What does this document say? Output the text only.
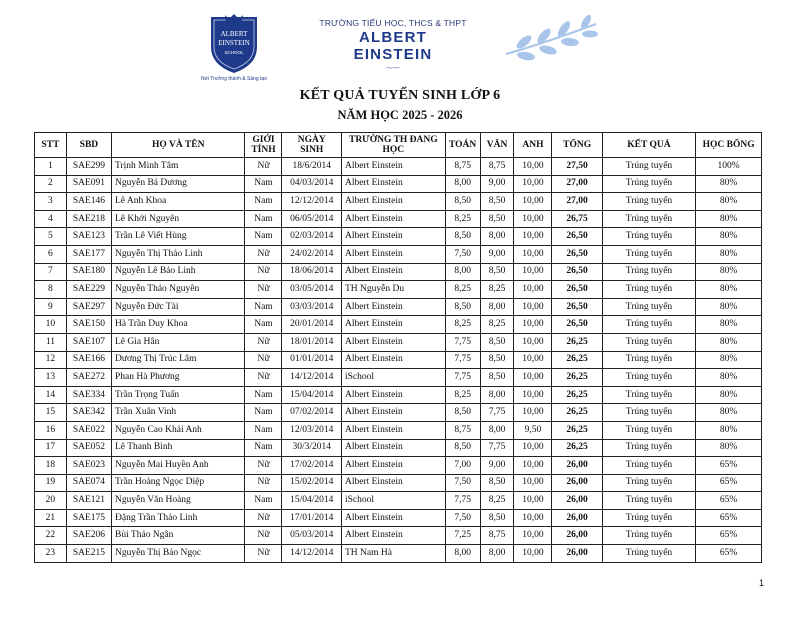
ALBERT
EINSTEIN
SCHOOL
Nơi Trưởng thành & Sáng tạo
TRƯỜNG TIỂU HỌC, THCS & THPT
ALBERT EINSTEIN
⁓⁓
KẾT QUẢ TUYỂN SINH LỚP 6
NĂM HỌC 2025 - 2026
STT	SBD	HỌ VÀ TÊN	GIỚI TÍNH	NGÀY SINH	TRƯỜNG TH ĐANG HỌC	TOÁN	VĂN	ANH	TỔNG	KẾT QUẢ	HỌC BỔNG
1	SAE299	Trịnh Minh Tâm	Nữ	18/6/2014	Albert Einstein	8,75	8,75	10,00	27,50	Trúng tuyển	100%
2	SAE091	Nguyễn Bá Dương	Nam	04/03/2014	Albert Einstein	8,00	9,00	10,00	27,00	Trúng tuyển	80%
3	SAE146	Lê Anh Khoa	Nam	12/12/2014	Albert Einstein	8,50	8,50	10,00	27,00	Trúng tuyển	80%
4	SAE218	Lê Khởi Nguyên	Nam	06/05/2014	Albert Einstein	8,25	8,50	10,00	26,75	Trúng tuyển	80%
5	SAE123	Trần Lê Viết Hùng	Nam	02/03/2014	Albert Einstein	8,50	8,00	10,00	26,50	Trúng tuyển	80%
6	SAE177	Nguyễn Thị Thảo Linh	Nữ	24/02/2014	Albert Einstein	7,50	9,00	10,00	26,50	Trúng tuyển	80%
7	SAE180	Nguyễn Lê Bảo Linh	Nữ	18/06/2014	Albert Einstein	8,00	8,50	10,00	26,50	Trúng tuyển	80%
8	SAE229	Nguyễn Thảo Nguyên	Nữ	03/05/2014	TH Nguyễn Du	8,25	8,25	10,00	26,50	Trúng tuyển	80%
9	SAE297	Nguyễn Đức Tài	Nam	03/03/2014	Albert Einstein	8,50	8,00	10,00	26,50	Trúng tuyển	80%
10	SAE150	Hà Trần Duy Khoa	Nam	20/01/2014	Albert Einstein	8,25	8,25	10,00	26,50	Trúng tuyển	80%
11	SAE107	Lê Gia Hân	Nữ	18/01/2014	Albert Einstein	7,75	8,50	10,00	26,25	Trúng tuyển	80%
12	SAE166	Dương Thị Trúc Lâm	Nữ	01/01/2014	Albert Einstein	7,75	8,50	10,00	26,25	Trúng tuyển	80%
13	SAE272	Phan Hà Phương	Nữ	14/12/2014	iSchool	7,75	8,50	10,00	26,25	Trúng tuyển	80%
14	SAE334	Trần Trọng Tuấn	Nam	15/04/2014	Albert Einstein	8,25	8,00	10,00	26,25	Trúng tuyển	80%
15	SAE342	Trần Xuân Vinh	Nam	07/02/2014	Albert Einstein	8,50	7,75	10,00	26,25	Trúng tuyển	80%
16	SAE022	Nguyễn Cao Khải Anh	Nam	12/03/2014	Albert Einstein	8,75	8,00	9,50	26,25	Trúng tuyển	80%
17	SAE052	Lê Thanh Bình	Nam	30/3/2014	Albert Einstein	8,50	7,75	10,00	26,25	Trúng tuyển	80%
18	SAE023	Nguyễn Mai Huyền Anh	Nữ	17/02/2014	Albert Einstein	7,00	9,00	10,00	26,00	Trúng tuyển	65%
19	SAE074	Trần Hoàng Ngọc Diệp	Nữ	15/02/2014	Albert Einstein	7,50	8,50	10,00	26,00	Trúng tuyển	65%
20	SAE121	Nguyễn Văn Hoàng	Nam	15/04/2014	iSchool	7,75	8,25	10,00	26,00	Trúng tuyển	65%
21	SAE175	Đặng Trần Thảo Linh	Nữ	17/01/2014	Albert Einstein	7,50	8,50	10,00	26,00	Trúng tuyển	65%
22	SAE206	Bùi Thảo Ngân	Nữ	05/03/2014	Albert Einstein	7,25	8,75	10,00	26,00	Trúng tuyển	65%
23	SAE215	Nguyễn Thị Bảo Ngọc	Nữ	14/12/2014	TH Nam Hà	8,00	8,00	10,00	26,00	Trúng tuyển	65%
1
